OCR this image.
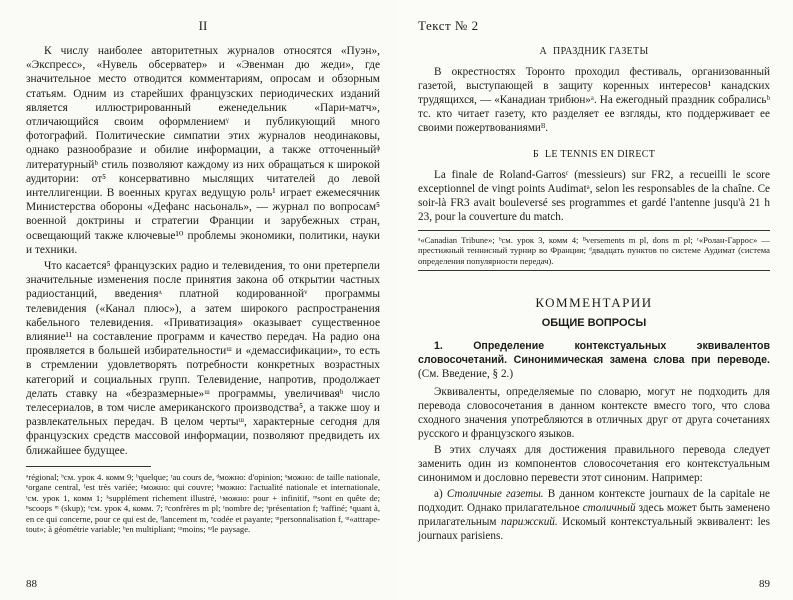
II

К числу наиболее авторитетных журналов относятся «Пуэн», «Экспресс», «Нувель обсерватер» и «Эвенман дю жеди», где значительное место отводится комментариям, опросам и обзорным статьям. Одним из старейших французских периодических изданий является иллюстрированный еженедельник «Пари-матч», отличающийся своим оформлениемᵞ и публикующий много фотографий. Политические симпатии этих журналов неодинаковы, однако разнообразие и обилие информации, а также отточенныйᶲ литературныйᵇ стиль позволяют каждому из них обращаться к широкой аудитории: от⁵ консервативно мыслящих читателей до левой интеллигенции. В военных кругах ведущую роль¹ играет ежемесячник Министерства обороны «Дефанс насьональ», — журнал по вопросам⁵ военной доктрины и стратегии Франции и зарубежных стран, освещающий также ключевые¹⁰ проблемы экономики, политики, науки и техники.

Что касается⁵ французских радио и телевидения, то они претерпели значительные изменения после принятия закона об открытии частных радиостанций, введенияᶺ платной кодированнойᵛ программы телевидения («Канал плюс»), а затем широкого распространения кабельного телевидения. «Приватизация» оказывает существенное влияние¹¹ на составление программ и качество передач. На радио она проявляется в большей избирательностиᵚ и «демассификации», то есть в стремлении удовлетворять потребности конкретных возрастных категорий и социальных групп. Телевидение, напротив, продолжает делать ставку на «безразмерные»ᵚ программы, увеличиваяᵇ число телесериалов, в том числе американского производства⁵, а также шоу и развлекательных передач. В целом чертыᵚ, характерные сегодня для французских средств массовой информации, позволяют предвидеть их ближайшее будущее.

ᵃrégional; ᵇсм. урок 4. комм 9; ᵇquelque; ʳau cours de, ᵈможно: d'opinion; ᵉможно: de taille nationale, ᵉorgane central, ᶠest très variée; ᵍможно: qui couvre; ᵏможно: l'actualité nationale et internationale, ᶦсм. урок 1, комм 1; ᵏsupplément richement illustré, ᶫможно: pour + infinitif, ᵐsont en quête de; ⁿscoops ᵐ (skup); ᵒсм. урок 4, комм. 7; ᵖconfrères m pl; ʳnombre de; ˢprésentation f; ᵗraffiné; ᵘquant à, en ce qui concerne, pour ce qui est de, ᶠlancement m, ᵛcodée et payante; ᵚpersonnalisation f, ᵚ«attrape-tout»; à géométrie variable; ᵇen multipliant; ᵚmoins; ᵚle paysage.

88
Текст № 2
А ПРАЗДНИК ГАЗЕТЫ

В окрестностях Торонто проходил фестиваль, организованный газетой, выступающей в защиту коренных интересов¹ канадских трудящихся, — «Канадиан трибюн»ᵃ. На ежегодный праздник собралисьᵇ тс. кто читает газету, кто разделяет ее взгляды, кто поддерживает ее своими пожертвованиямиᴮ.

Б LE TENNIS EN DIRECT

La finale de Roland-Garrosʳ (messieurs) sur FR2, a recueilli le score exceptionnel de vingt points Audimatᵃ, selon les responsables de la chaîne. Ce soir-là FR3 avait bouleversé ses programmes et gardé l'antenne jusqu'à 21 h 23, pour la couverture du match.

ᵃ«Canadian Tribune»; ᵇсм. урок 3, комм 4; ᴮversements m pl, dons m pl; ʳ«Ролан-Гаррос» — престижный теннисный турнир во Франции; ᵈдвадцать пунктов по системе Аудимат (система определения популярности передач).
КОММЕНТАРИИ
ОБЩИЕ ВОПРОСЫ

1. Определение контекстуальных эквивалентов словосочетаний. Синонимическая замена слова при переводе. (См. Введение, § 2.)

Эквиваленты, определяемые по словарю, могут не подходить для перевода словосочетания в данном контексте вмесго того, что слова сходного значения употребляются в отличных друг от друга сочетаниях русского и французского языков.

В этих случаях для достижения правильного перевода следует заменить один из компонентов словосочетания его контекстуальным синонимом и дословно перевести этот синоним. Например:

а) Столичные газеты. В данном контексте journaux de la capitale не подходит. Однако прилагательное столичный здесь может быть заменено прилагательным парижский. Искомый контекстуальный эквивалент: les journaux parisiens.

89
